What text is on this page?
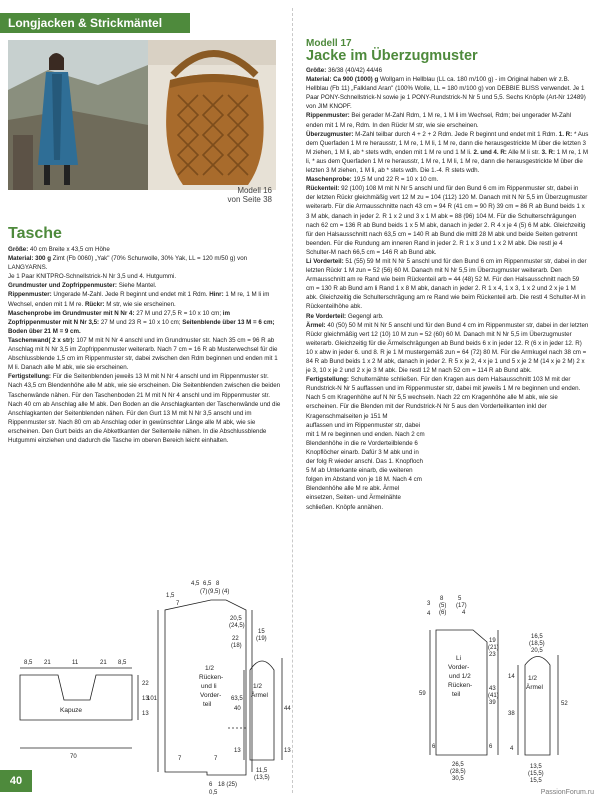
Longjacken & Strickmäntel
Modell 16
von Seite 38
Tasche

Größe: 40 cm Breite x 43,5 cm Höhe

Material: 300 g Zimt (Fb 0060) „Yak" (70% Schurwolle, 30% Yak, LL = 120 m/50 g) von LANGYARNS.

Je 1 Paar KNITPRO-Schnellstrick-N Nr 3,5 und 4. Hutgummi.

Grundmuster und Zopfrippenmuster: Siehe Mantel.

Rippenmuster: Ungerade M-Zahl. Jede R beginnt und endet mit 1 Rdm. Hinr: 1 M re, 1 M li im Wechsel, enden mit 1 M re. Rückr: M str, wie sie erscheinen.

Maschenprobe im Grundmuster mit N Nr 4: 27 M und 27,5 R = 10 x 10 cm; im Zopfrippenmuster mit N Nr 3,5: 27 M und 23 R = 10 x 10 cm; Seitenblende über 13 M = 6 cm; Boden über 21 M = 9 cm.

Taschenwand( 2 x str): 107 M mit N Nr 4 anschl und im Grundmuster str. Nach 35 cm = 96 R ab Anschlag mit N Nr 3,5 im Zopfrippenmuster weiterarb. Nach 7 cm = 16 R ab Musterwechsel für die Abschlussblende 1,5 cm im Rippenmuster str, dabei zwischen den Rdm beginnen und enden mit 1 M li. Danach alle M abk, wie sie erscheinen.

Fertigstellung: Für die Seitenblenden jeweils 13 M mit N Nr 4 anschl und im Rippenmuster str. Nach 43,5 cm Blendenhöhe alle M abk, wie sie erscheinen. Die Seitenblenden zwischen die beiden Taschenwände nähen. Für den Taschenboden 21 M mit N Nr 4 anschl und im Rippenmuster str. Nach 40 cm ab Anschlag alle M abk. Den Boden an die Anschlagkanten der Taschenwände und die Anschlagkanten der Seitenblenden nähen. Für den Gurt 13 M mit N Nr 3,5 anschl und im Rippenmuster str. Nach 80 cm ab Anschlag oder in gewünschter Länge alle M abk, wie sie erscheinen. Den Gurt beids an die Abkettkanten der Seitenteile nähen. In die Abschlussblende Hutgummi einziehen und dadurch die Tasche im oberen Bereich leicht einhalten.

Modell 17
Jacke im Überzugmuster

Größe: 36/38 (40/42) 44/46

Material: Ca 900 (1000) g Wollgarn in Hellblau (LL ca. 180 m/100 g) - im Original haben wir z.B. Hellblau (Fb 11) „Falkland Aran" (100% Wolle, LL = 180 m/100 g) von DEBBIE BLISS verwendet. Je 1 Paar PONY-Schnellstrick-N sowie je 1 PONY-Rundstrick-N Nr 5 und 5,5. Sechs Knöpfe (Art-Nr 12489) von JIM KNOPF.

Rippenmuster: Bei gerader M-Zahl Rdm, 1 M re, 1 M li im Wechsel, Rdm; bei ungerader M-Zahl enden mit 1 M re, Rdm. In den Rückr M str, wie sie erscheinen.

Überzugmuster: M-Zahl teilbar durch 4 + 2 + 2 Rdm. Jede R beginnt und endet mit 1 Rdm. 1. R: * Aus dem Querfaden 1 M re herausstr, 1 M re, 1 M li, 1 M re, dann die herausgestrickte M über die letzten 3 M ziehen, 1 M li, ab * stets wdh, enden mit 1 M re und 1 M li. 2. und 4. R: Alle M li str. 3. R: 1 M re, 1 M li, * aus dem Querfaden 1 M re herausstr, 1 M re, 1 M li, 1 M re, dann die herausgestrickte M über die letzten 3 M ziehen, 1 M li, ab * stets wdh. Die 1.-4. R stets wdh.

Maschenprobe: 19,5 M und 22 R = 10 x 10 cm.

Rückenteil: 92 (100) 108 M mit N Nr 5 anschl und für den Bund 6 cm im Rippenmuster str, dabei in der letzten Rückr gleichmäßig vert 12 M zu = 104 (112) 120 M. Danach mit N Nr 5,5 im Überzugmuster weiterarb. Für die Armausschnitte nach 43 cm = 94 R (41 cm = 90 R) 39 cm = 86 R ab Bund beids 1 x 3 M abk, danach in jeder 2. R 1 x 2 und 3 x 1 M abk = 88 (96) 104 M. Für die Schulterschrägungen nach 62 cm = 136 R ab Bund beids 1 x 5 M abk, danach in jeder 2. R 4 x je 4 (5) 6 M abk. Gleichzeitig für den Halsausschnitt nach 63,5 cm = 140 R ab Bund die mittl 28 M abk und beide Seiten getrennt beenden. Für die Rundung am inneren Rand in jeder 2. R 1 x 3 und 1 x 2 M abk. Die restl je 4 Schulter-M nach 66,5 cm = 146 R ab Bund abk.

Li Vorderteil: 51 (55) 59 M mit N Nr 5 anschl und für den Bund 6 cm im Rippenmuster str, dabei in der letzten Rückr 1 M zun = 52 (56) 60 M. Danach mit N Nr 5,5 im Überzugmuster weiterarb. Den Armausschnitt am re Rand wie beim Rückenteil arb = 44 (48) 52 M. Für den Halsausschnitt nach 59 cm = 130 R ab Bund am li Rand 1 x 8 M abk, danach in jeder 2. R 1 x 4, 1 x 3, 1 x 2 und 2 x je 1 M abk. Gleichzeitig die Schulterschrägung am re Rand wie beim Rückenteil arb. Die restl 4 Schulter-M in Rückenteilhöhe abk.

Re Vorderteil: Gegengl arb.

Ärmel: 40 (50) 50 M mit N Nr 5 anschl und für den Bund 4 cm im Rippenmuster str, dabei in der letzten Rückr gleichmäßig vert 12 (10) 10 M zun = 52 (60) 60 M. Danach mit N Nr 5,5 im Überzugmuster weiterarb. Gleichzeitig für die Ärmelschrägungen ab Bund beids 6 x in jeder 12. R (6 x in jeder 12. R) 10 x abw in jeder 6. und 8. R je 1 M mustergemäß zun = 64 (72) 80 M. Für die Armkugel nach 38 cm = 84 R ab Bund beids 1 x 2 M abk, danach in jeder 2. R 5 x je 2, 4 x je 1 und 5 x je 2 M (14 x je 2 M) 2 x je 3, 10 x je 2 und 2 x je 3 M abk. Die restl 12 M nach 52 cm = 114 R ab Bund abk.

Fertigstellung: Schulternähte schließen. Für den Kragen aus dem Halsausschnitt 103 M mit der Rundstrick-N Nr 5 auffassen und im Rippenmuster str, dabei mit jeweils 1 M re beginnen und enden. Nach 5 cm Kragenhöhe auf N Nr 5,5 wechseln. Nach 22 cm Kragenhöhe alle M abk, wie sie erscheinen. Für die Blenden mit der Rundstrick-N Nr 5 aus den Vorderteilkanten inkl der Kragenschmalseiten je 151 M

auffassen und im Rippenmuster str, dabei mit 1 M re beginnen und enden. Nach 2 cm Blendenhöhe in die re Vorderteilblende 6 Knopflöcher einarb. Dafür 3 M abk und in der folg R wieder anschl. Das 1. Knopfloch 5 M ab Unterkante einarb, die weiteren folgen im Abstand von je 18 M. Nach 4 cm Blendenhöhe alle M re abk. Ärmel einsetzen, Seiten- und Ärmelnähte schließen. Knöpfe annähen.

8,5 21	11	21 8,5
22
13
13
Kapuze
70
4,5 6,5 8
(7) (9,5) (4)
1,5
7
20,5
(24,5)
22
(18)
101	63,5
7	7
1/2
Rücken-
und li
Vorder-
teil
18 (25)
6
0,5
15
(19)
1/2
Ärmel
40	44
13	13
11,5
(13,5)
3
4
5
(17)
4
8
(5)
(6)
19
(21)
23
59
43
(41)
39
6
Li
Vorder-
und 1/2
Rücken-
teil
26,5
(28,5)
30,5
6
16,5
(18,5)
20,5
1/2
Ärmel
14
38
52
4
13,5
(15,5)
15,5
40
PassionForum.ru
